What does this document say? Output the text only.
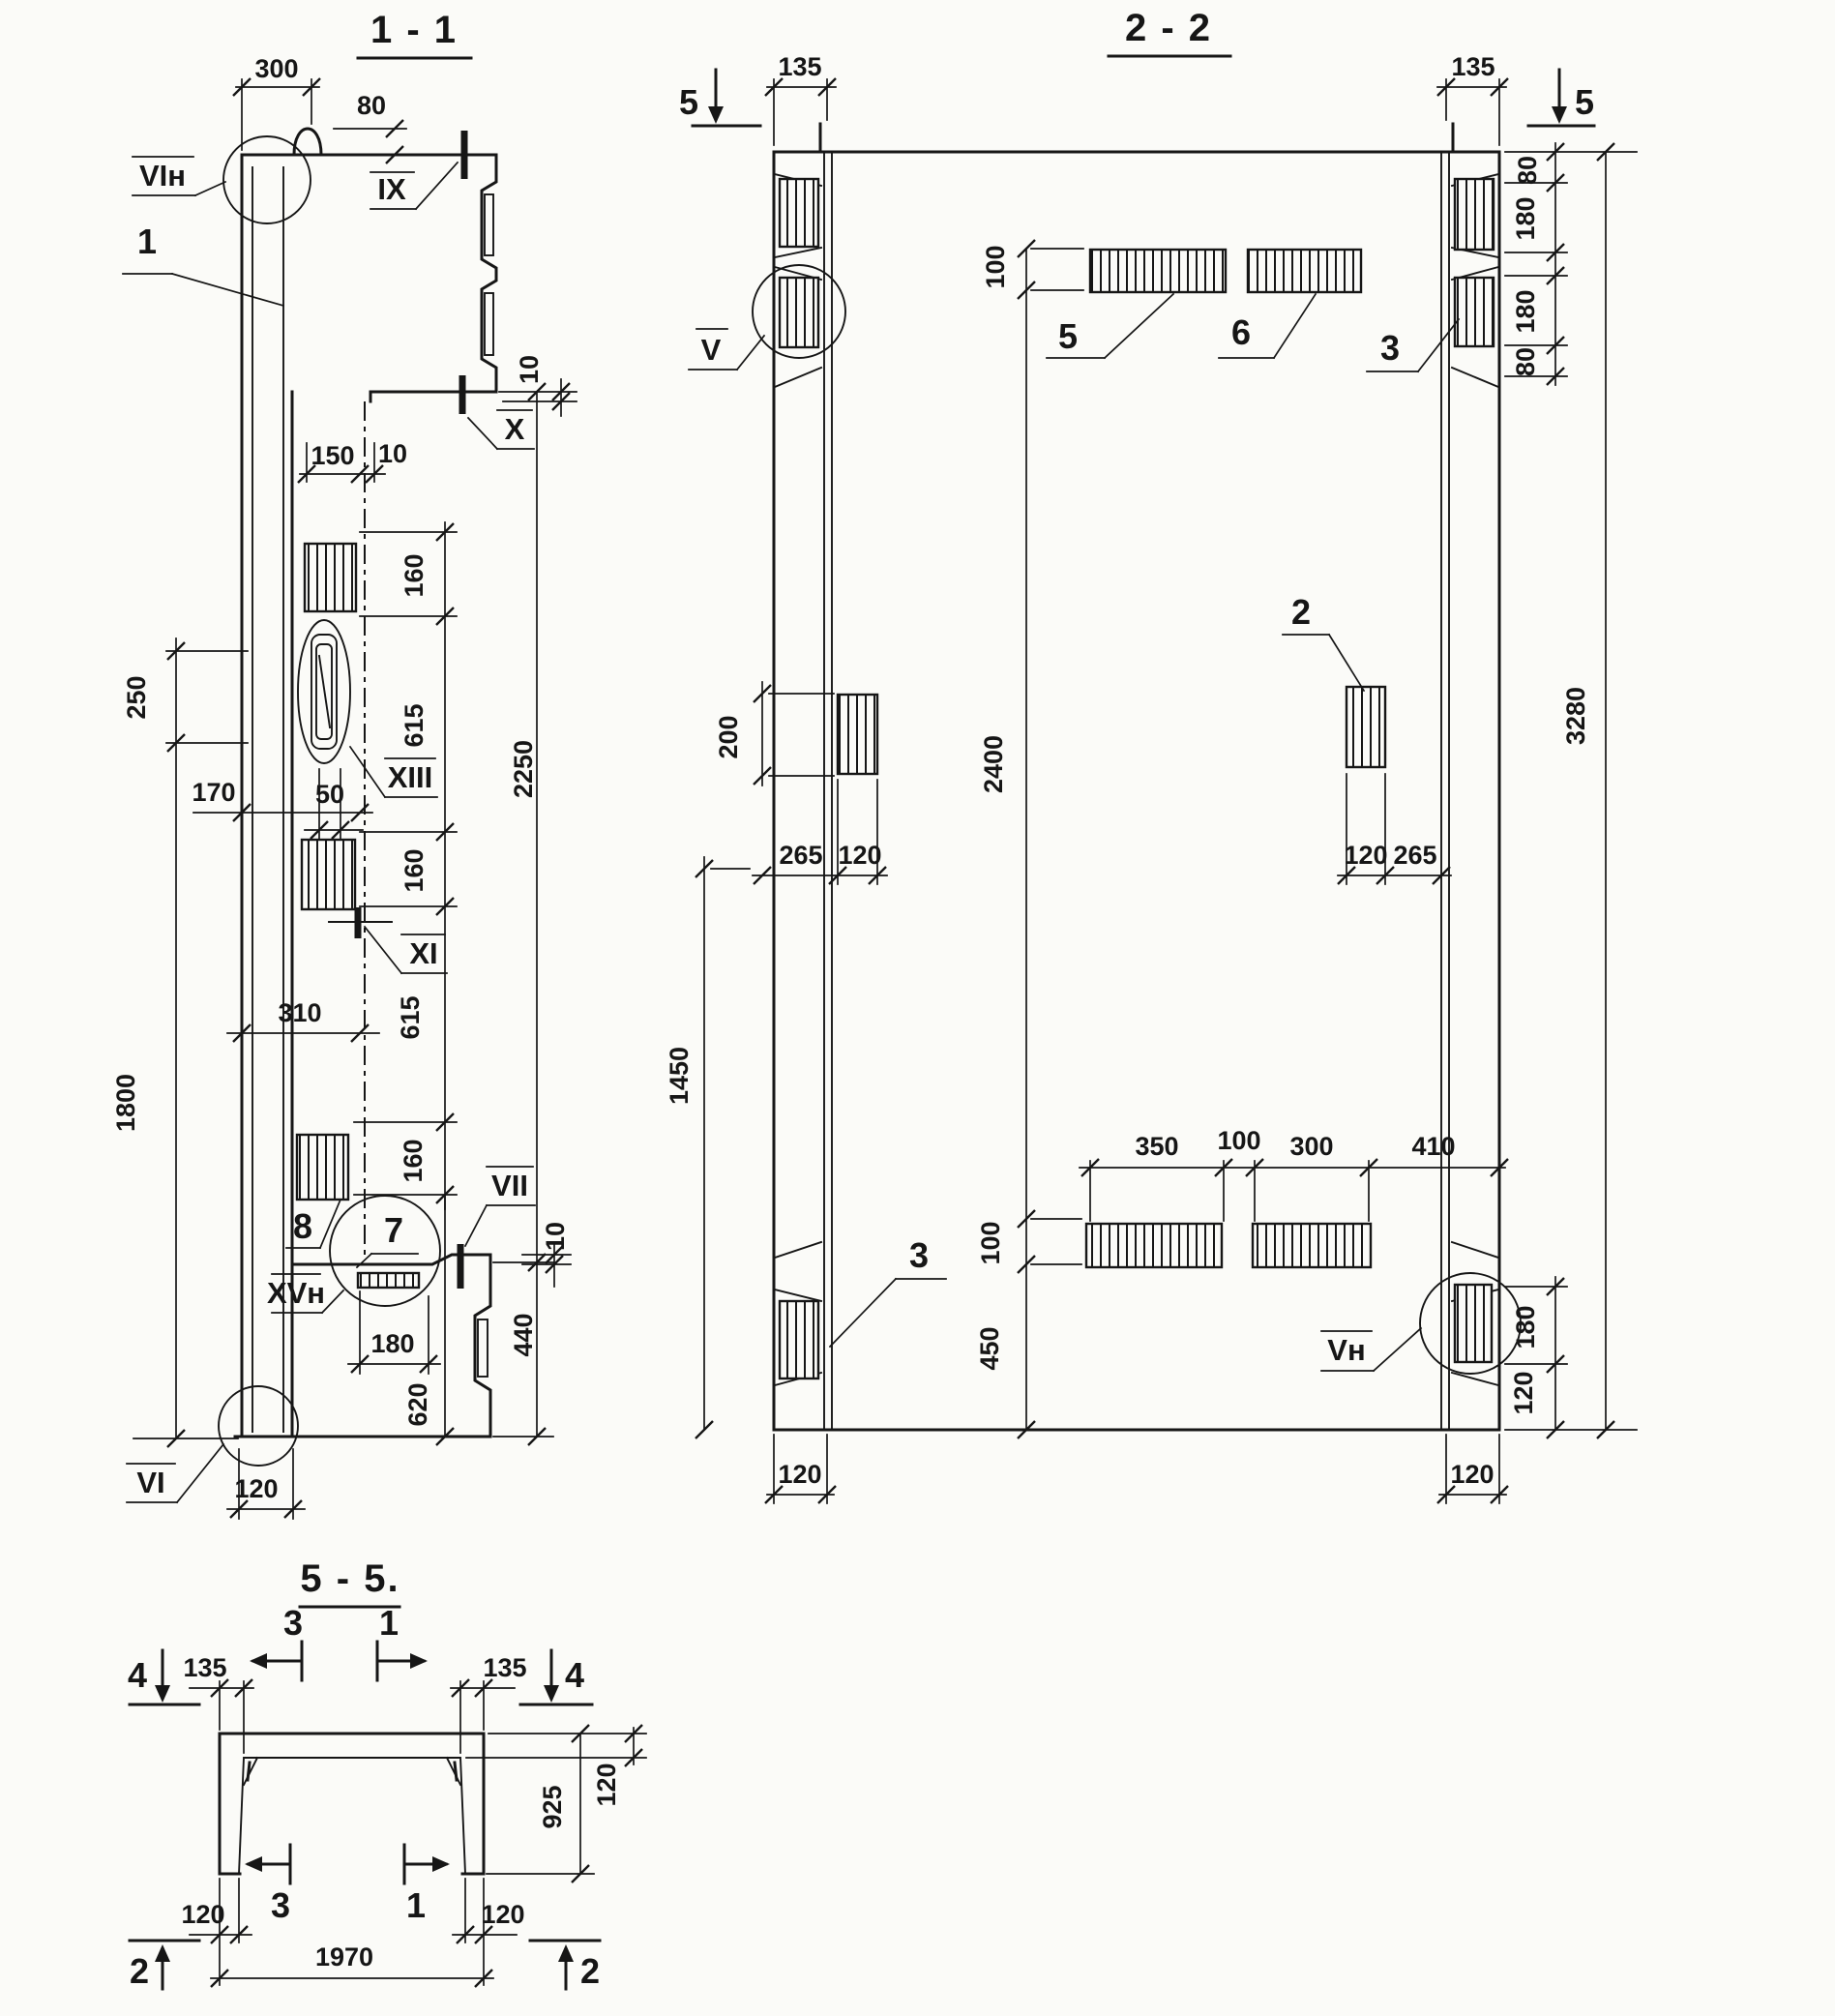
1 - 1
VIн
1
IX
X
XIII
XI
8 7
VII
XVн
VI
300
80
10
150 10
160
615
160
615
160
2250
440
250
1800
170	50
310
10
180
620
120
2 - 2
5	5
V
Vн
2
3
3
5	6
135	135
80
180
180
80
3280
100
2400
100
450
200
1450
265 120	120 265
350 100 300	410
180
120
120	120
5 - 5.
3 1
3	1
4	4
2	2
135	135
120	120
1970
120
925
